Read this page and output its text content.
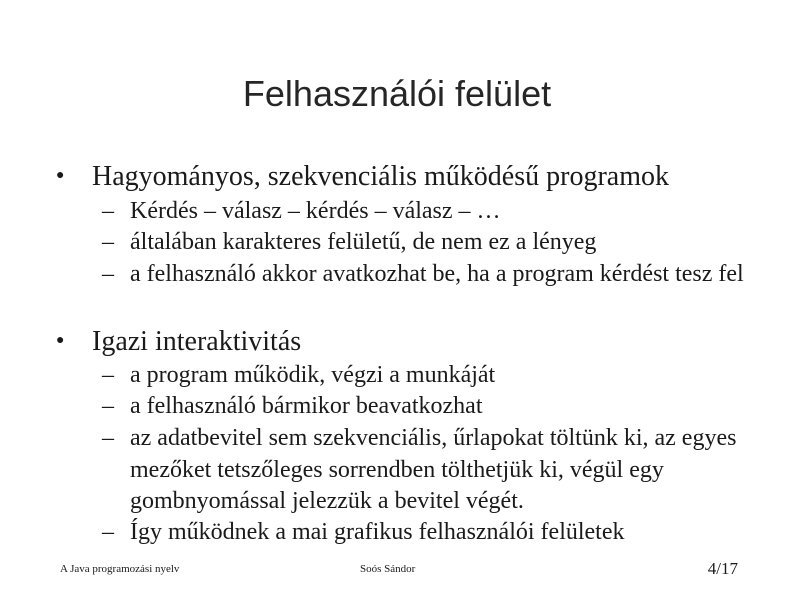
Felhasználói felület
● Hagyományos, szekvenciális működésű programok
– Kérdés – válasz – kérdés – válasz – …
– általában karakteres felületű, de nem ez a lényeg
– a felhasználó akkor avatkozhat be, ha a program kérdést tesz fel
● Igazi interaktivitás
– a program működik, végzi a munkáját
– a felhasználó bármikor beavatkozhat
– az adatbevitel sem szekvenciális, űrlapokat töltünk ki, az egyes mezőket tetszőleges sorrendben tölthetjük ki, végül egy gombnyomással jelezzük a bevitel végét.
– Így működnek a mai grafikus felhasználói felületek
A Java programozási nyelv	Soós Sándor	4/17
